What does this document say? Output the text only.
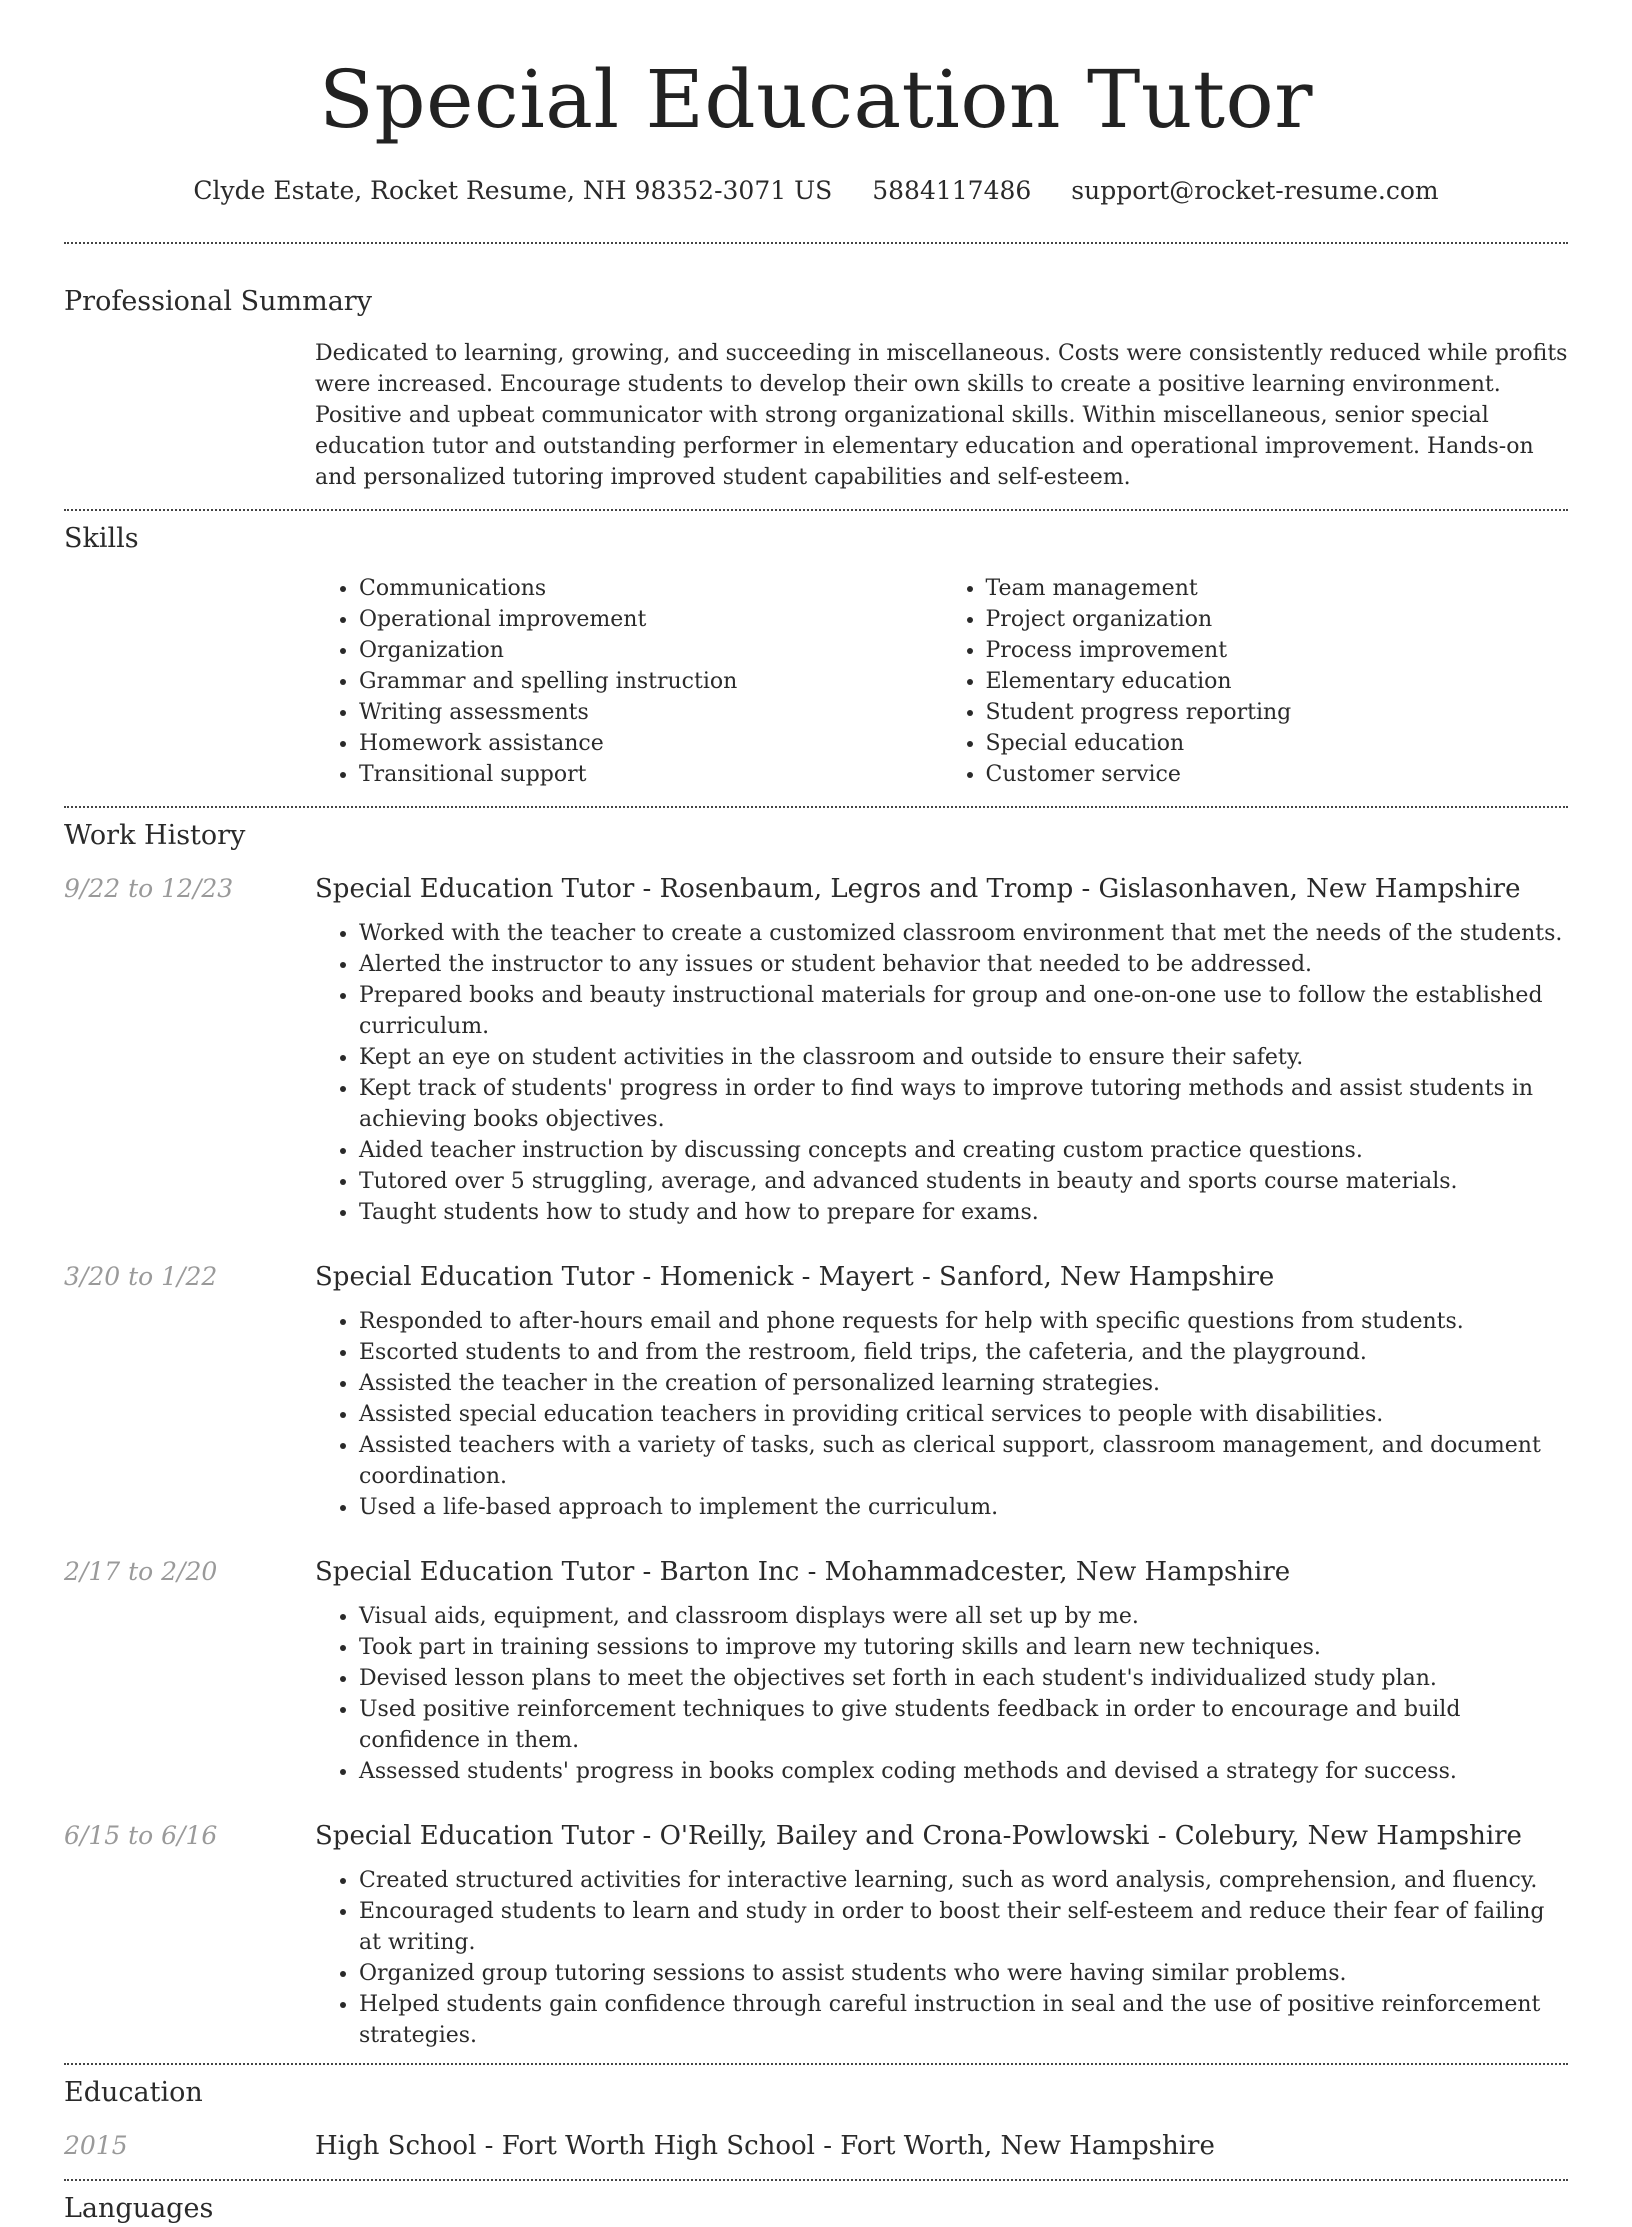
Special Education Tutor
Clyde Estate, Rocket Resume, NH 98352-3071 US 5884117486 support@rocket-resume.com
Professional Summary

Dedicated to learning, growing, and succeeding in miscellaneous. Costs were consistently reduced while profits were increased. Encourage students to develop their own skills to create a positive learning environment. Positive and upbeat communicator with strong organizational skills. Within miscellaneous, senior special education tutor and outstanding performer in elementary education and operational improvement. Hands-on and personalized tutoring improved student capabilities and self-esteem.

Skills
• Communications
• Operational improvement
• Organization
• Grammar and spelling instruction
• Writing assessments
• Homework assistance
• Transitional support
• Team management
• Project organization
• Process improvement
• Elementary education
• Student progress reporting
• Special education
• Customer service
Work History
9/22 to 12/23	Special Education Tutor - Rosenbaum, Legros and Tromp - Gislasonhaven, New Hampshire
• Worked with the teacher to create a customized classroom environment that met the needs of the students.
• Alerted the instructor to any issues or student behavior that needed to be addressed.
• Prepared books and beauty instructional materials for group and one-on-one use to follow the established curriculum.
• Kept an eye on student activities in the classroom and outside to ensure their safety.
• Kept track of students' progress in order to find ways to improve tutoring methods and assist students in achieving books objectives.
• Aided teacher instruction by discussing concepts and creating custom practice questions.
• Tutored over 5 struggling, average, and advanced students in beauty and sports course materials.
• Taught students how to study and how to prepare for exams.
3/20 to 1/22	Special Education Tutor - Homenick - Mayert - Sanford, New Hampshire
• Responded to after-hours email and phone requests for help with specific questions from students.
• Escorted students to and from the restroom, field trips, the cafeteria, and the playground.
• Assisted the teacher in the creation of personalized learning strategies.
• Assisted special education teachers in providing critical services to people with disabilities.
• Assisted teachers with a variety of tasks, such as clerical support, classroom management, and document coordination.
• Used a life-based approach to implement the curriculum.
2/17 to 2/20	Special Education Tutor - Barton Inc - Mohammadcester, New Hampshire
• Visual aids, equipment, and classroom displays were all set up by me.
• Took part in training sessions to improve my tutoring skills and learn new techniques.
• Devised lesson plans to meet the objectives set forth in each student's individualized study plan.
• Used positive reinforcement techniques to give students feedback in order to encourage and build confidence in them.
• Assessed students' progress in books complex coding methods and devised a strategy for success.
6/15 to 6/16	Special Education Tutor - O'Reilly, Bailey and Crona-Powlowski - Colebury, New Hampshire
• Created structured activities for interactive learning, such as word analysis, comprehension, and fluency.
• Encouraged students to learn and study in order to boost their self-esteem and reduce their fear of failing at writing.
• Organized group tutoring sessions to assist students who were having similar problems.
• Helped students gain confidence through careful instruction in seal and the use of positive reinforcement strategies.
Education
2015	High School - Fort Worth High School - Fort Worth, New Hampshire
Languages
